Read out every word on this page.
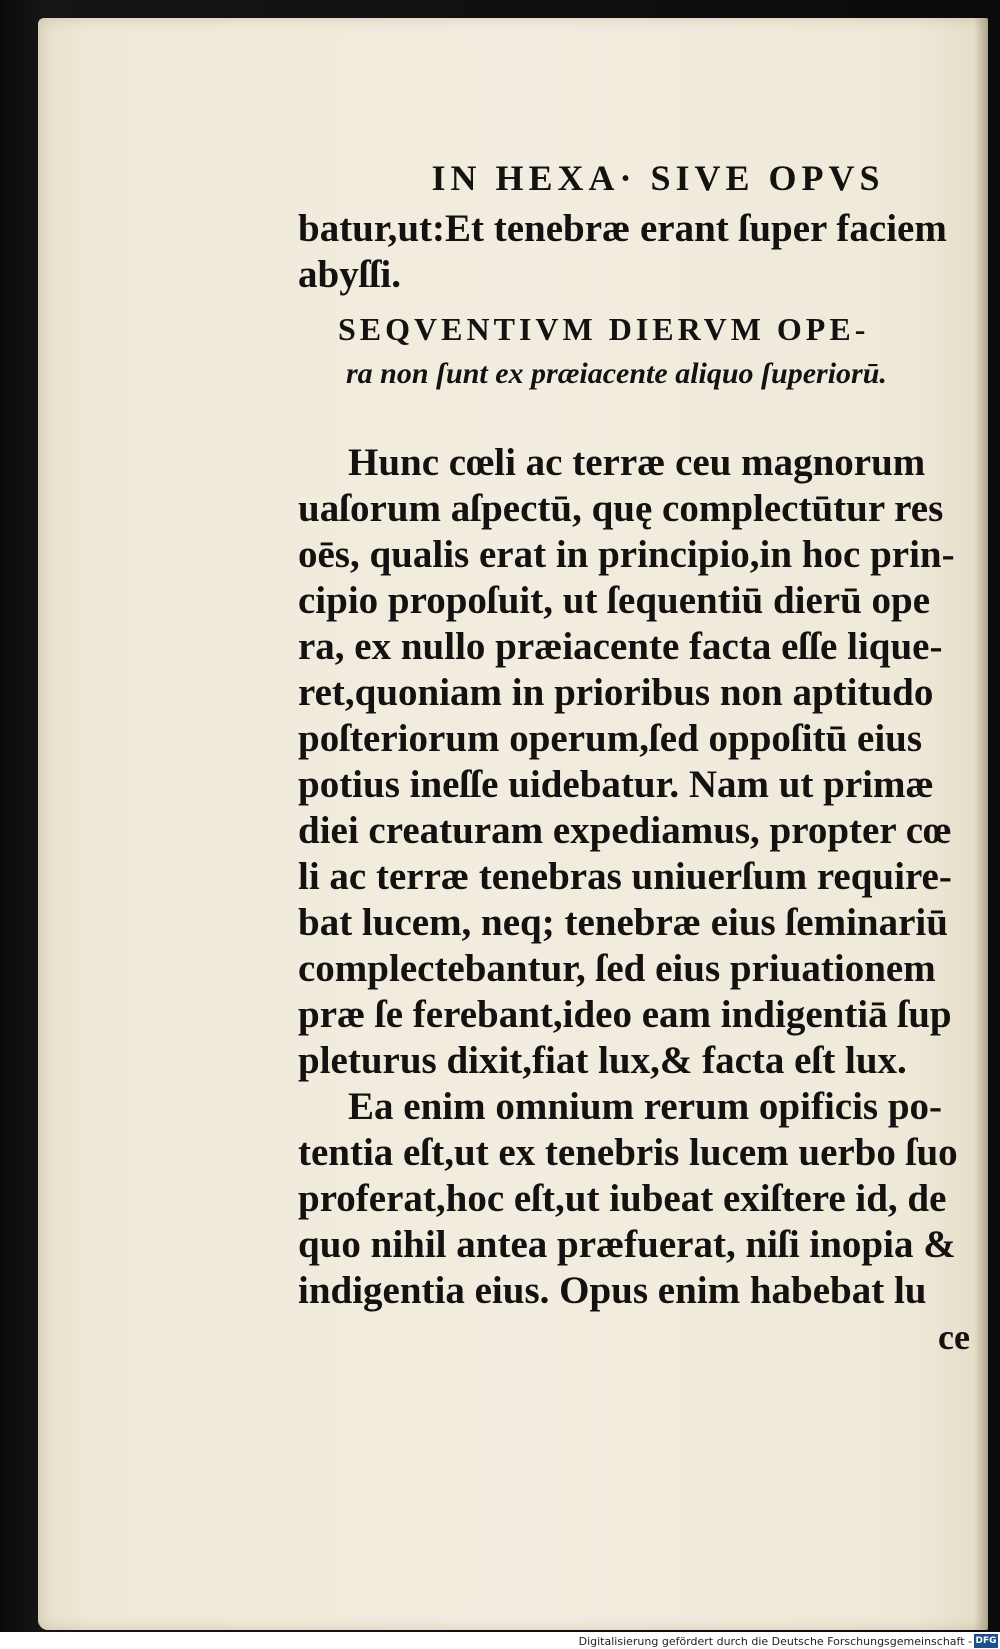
IN HEXA· SIVE OPVS
batur,ut:Et tenebræ erant ſuper faciem
abyſſi.
SEQVENTIVM DIERVM OPE-
ra non ſunt ex præiacente aliquo ſuperiorū.
Hunc cœli ac terræ ceu magnorum
uaſorum aſpectū, quę complectūtur res
oēs, qualis erat in principio,in hoc prin-
cipio propoſuit, ut ſequentiū dierū ope
ra, ex nullo præiacente facta eſſe lique-
ret,quoniam in prioribus non aptitudo
poſteriorum operum,ſed oppoſitū eius
potius ineſſe uidebatur. Nam ut primæ
diei creaturam expediamus, propter cœ
li ac terræ tenebras uniuerſum require-
bat lucem, neq; tenebræ eius ſeminariū
complectebantur, ſed eius priuationem
præ ſe ferebant,ideo eam indigentiā ſup
pleturus dixit,fiat lux,& facta eſt lux.
Ea enim omnium rerum opificis po-
tentia eſt,ut ex tenebris lucem uerbo ſuo
proferat,hoc eſt,ut iubeat exiſtere id, de
quo nihil antea præfuerat, niſi inopia &
indigentia eius. Opus enim habebat lu
ce
Digitalisierung gefördert durch die Deutsche Forschungsgemeinschaft - DFG
